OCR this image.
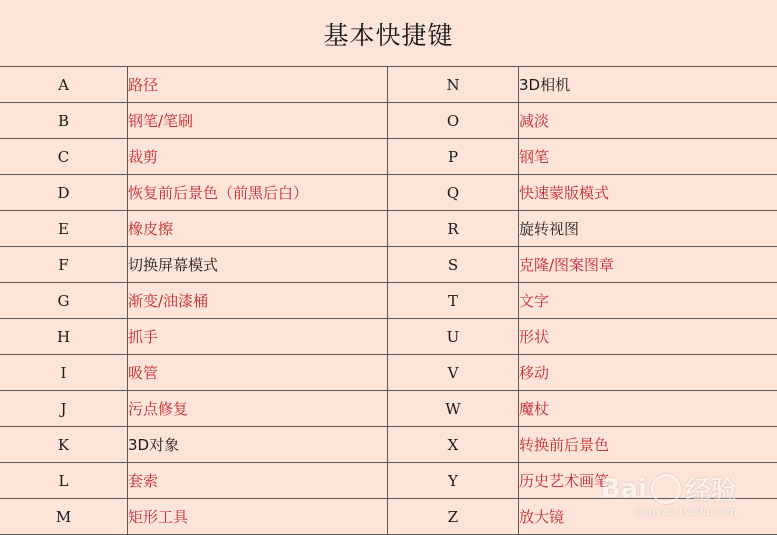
基本快捷键
A	路径	N	3D相机
B	钢笔/笔刷	O	减淡
C	裁剪	P	钢笔
D	恢复前后景色（前黑后白）	Q	快速蒙版模式
E	橡皮擦	R	旋转视图
F	切换屏幕模式	S	克隆/图案图章
G	渐变/油漆桶	T	文字
H	抓手	U	形状
I	吸管	V	移动
J	污点修复	W	魔杖
K	3D对象	X	转换前后景色
L	套索	Y	历史艺术画笔
M	矩形工具	Z	放大镜
Bai 经验
jingyan.baidu.com
